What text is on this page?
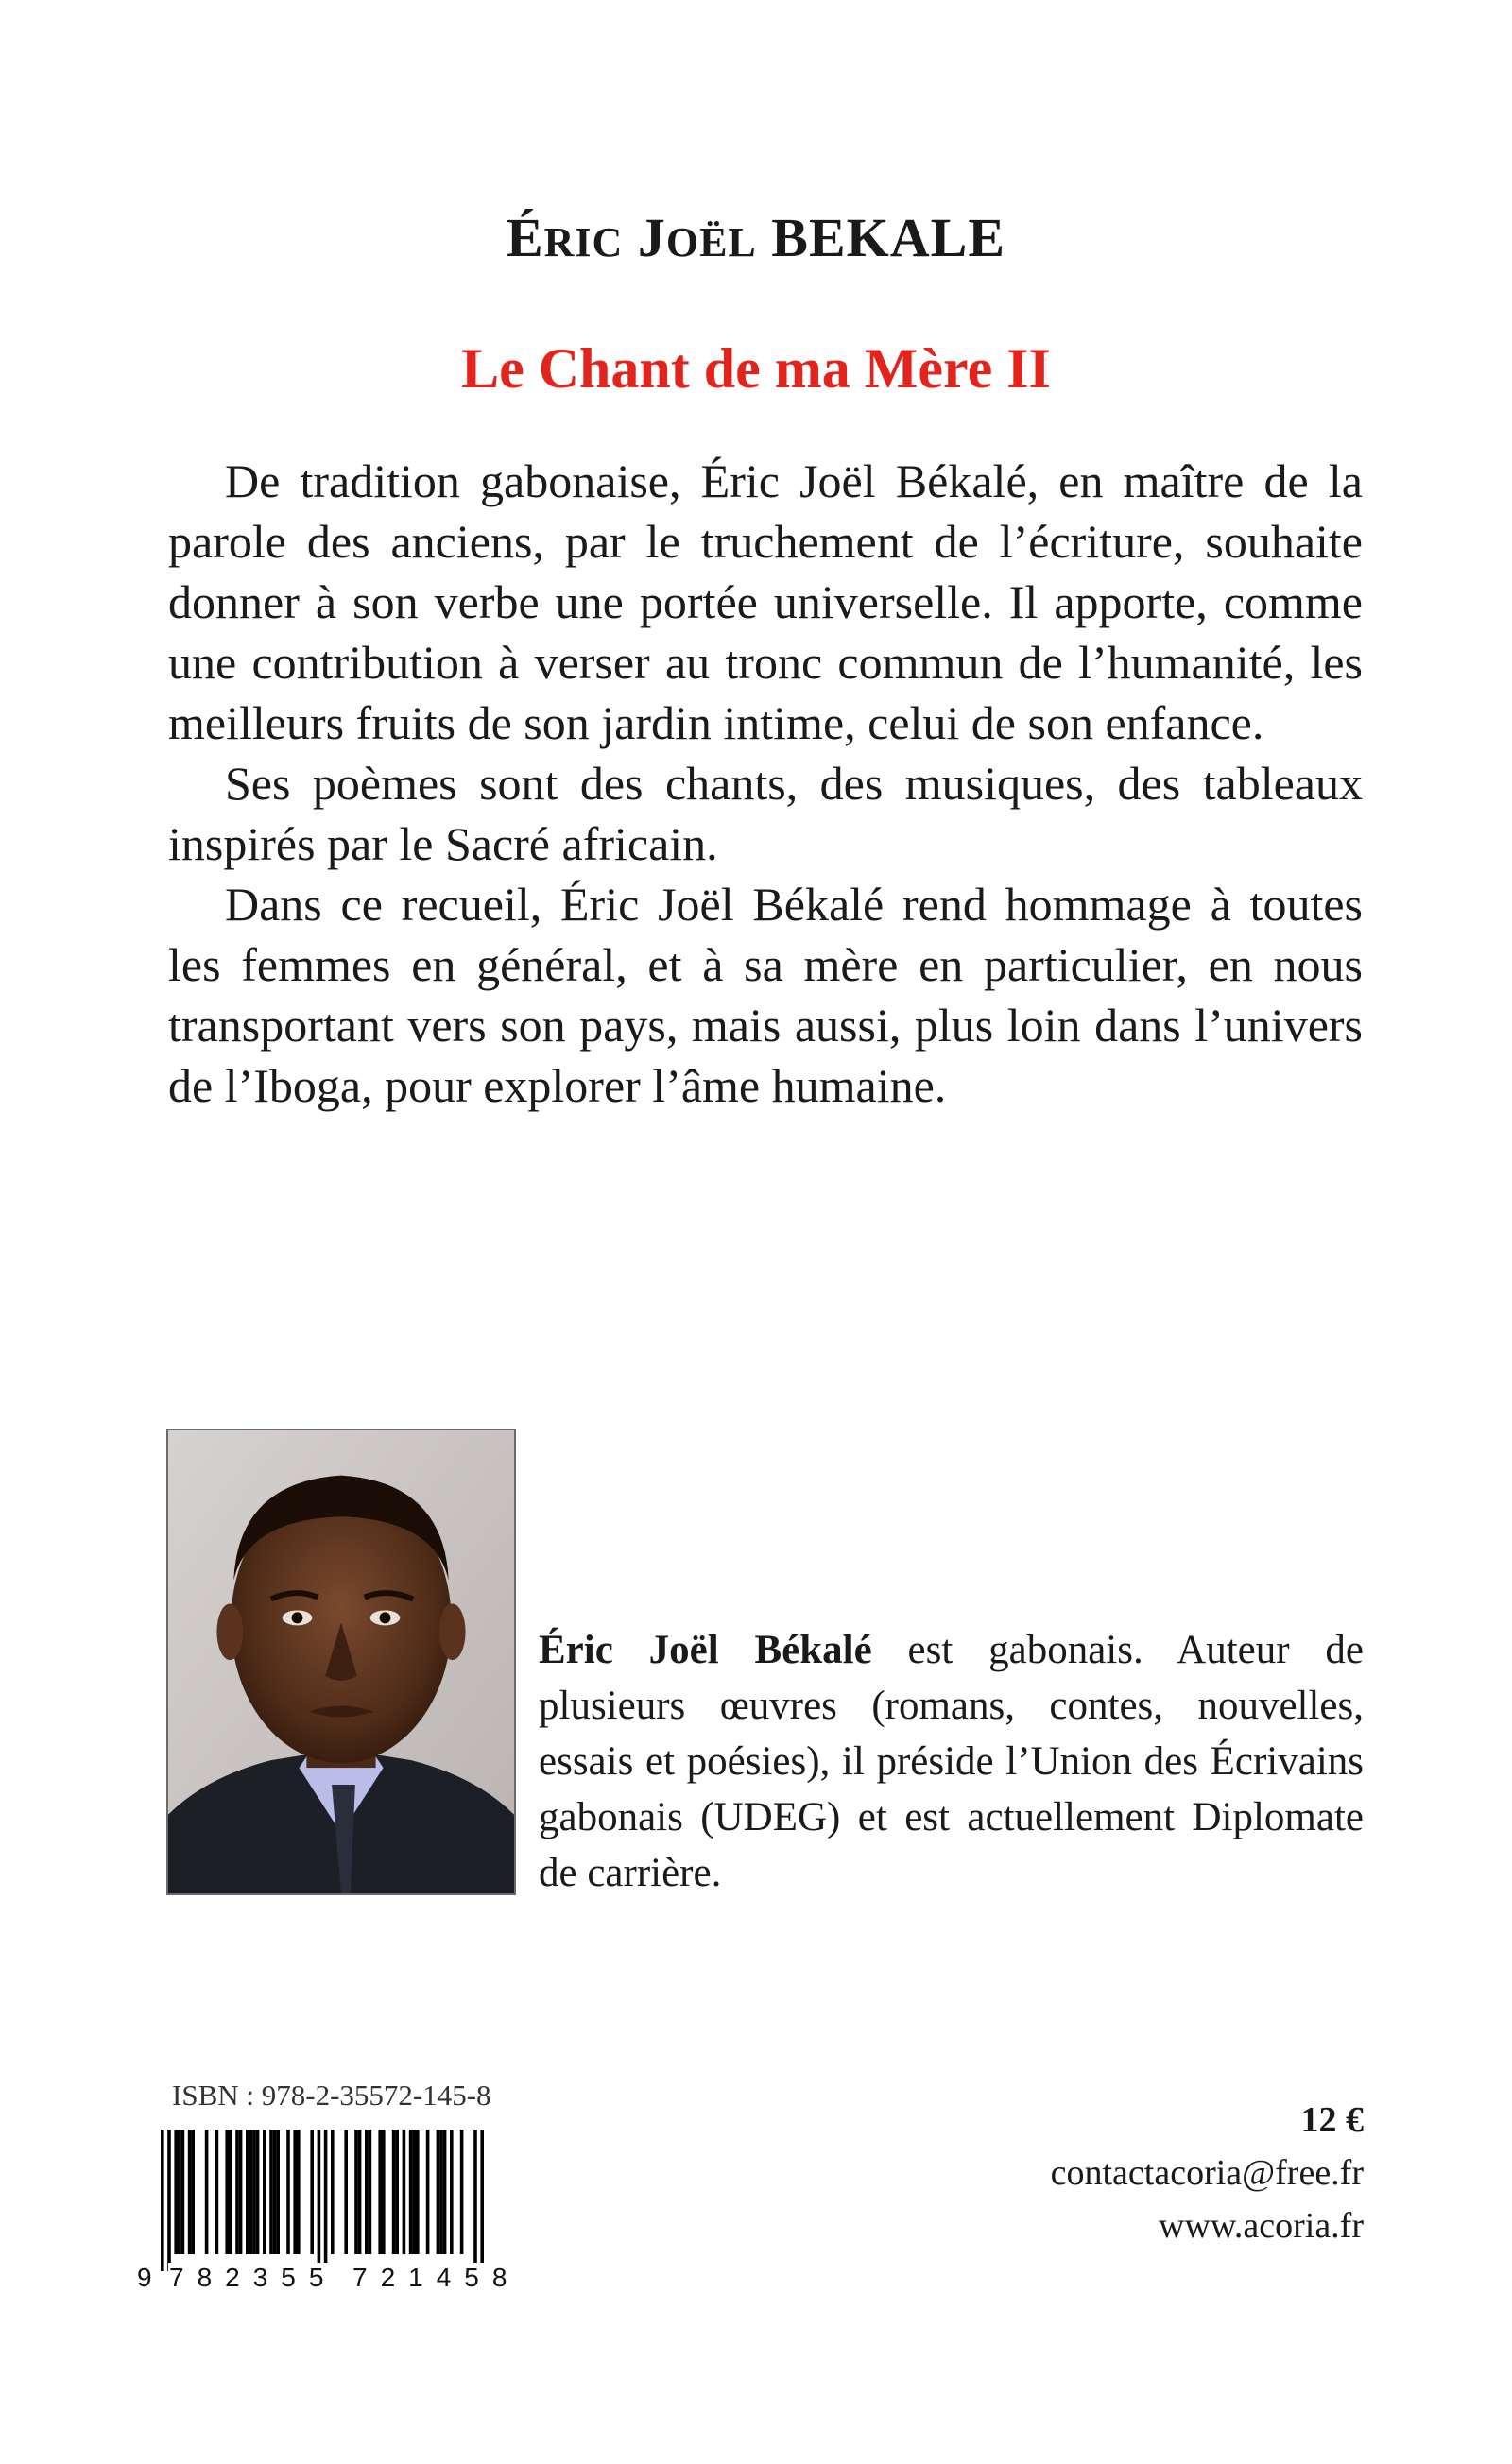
ÉRIC JOËL BEKALE
Le Chant de ma Mère II

De tradition gabonaise, Éric Joël Békalé, en maître de la parole des anciens, par le truchement de l’écriture, souhaite donner à son verbe une portée universelle. Il apporte, comme une contribution à verser au tronc commun de l’humanité, les meilleurs fruits de son jardin intime, celui de son enfance.

Ses poèmes sont des chants, des musiques, des tableaux inspirés par le Sacré africain.

Dans ce recueil, Éric Joël Békalé rend hommage à toutes les femmes en général, et à sa mère en particulier, en nous transportant vers son pays, mais aussi, plus loin dans l’univers de l’Iboga, pour explorer l’âme humaine.

Éric Joël Békalé est gabonais. Auteur de plusieurs œuvres (romans, contes, nouvelles, essais et poésies), il préside l’Union des Écrivains gabonais (UDEG) et est actuellement Diplomate de carrière.

ISBN : 978-2-35572-145-8
9 782355 721458
12 €
contactacoria@free.fr
www.acoria.fr
